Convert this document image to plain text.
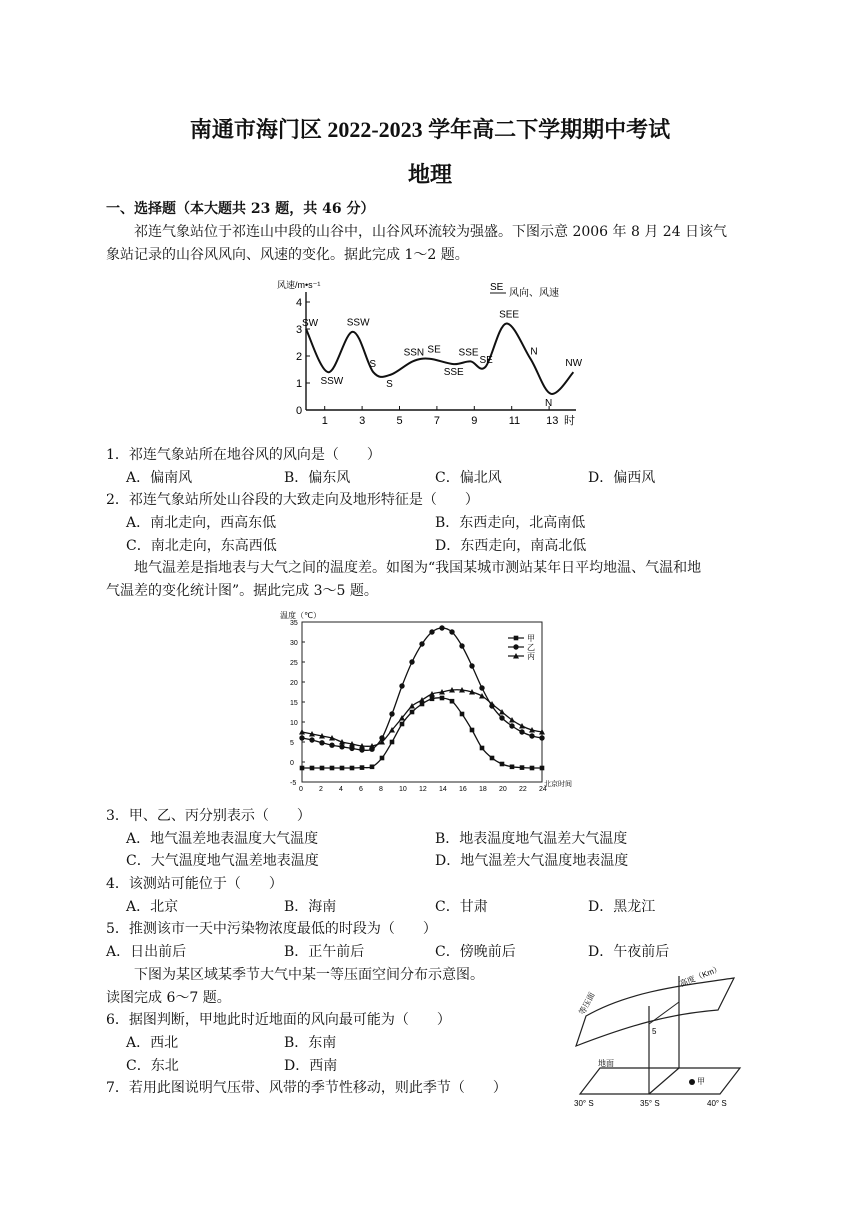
南通市海门区 2022-2023 学年高二下学期期中考试
地理
一、选择题（本大题共 23 题，共 46 分）
祁连气象站位于祁连山中段的山谷中，山谷风环流较为强盛。下图示意 2006 年 8 月 24 日该气
象站记录的山谷风风向、风速的变化。据此完成 1～2 题。
风速/m•s⁻¹	SE
风向、风速
0
1
2
3
4
1	3	5	7	9	11 13 时
SW
SSW
SSW
S
S
SSN SE
SSE
SSE
SE
SEE
N
N
NW
1．祁连气象站所在地谷风的风向是（　　）
A．偏南风	B．偏东风	C．偏北风	D．偏西风
2．祁连气象站所处山谷段的大致走向及地形特征是（　　）
A．南北走向，西高东低	B．东西走向，北高南低
C．南北走向，东高西低	D．东西走向，南高北低
地气温差是指地表与大气之间的温度差。如图为“我国某城市测站某年日平均地温、气温和地
气温差的变化统计图”。据此完成 3～5 题。
温度（℃）
北京时间
-5
0
5
10
15
20
25
30
35
0 2 4 6 8 10 12 14 16 18 20 22 24
甲
乙
丙
3．甲、乙、丙分别表示（　　）
A．地气温差地表温度大气温度	B．地表温度地气温差大气温度
C．大气温度地气温差地表温度	D．地气温差大气温度地表温度
4．该测站可能位于（　　）
A．北京	B．海南	C．甘肃	D．黑龙江
5．推测该市一天中污染物浓度最低的时段为（　　）
A．日出前后	B．正午前后	C．傍晚前后	D．午夜前后
下图为某区域某季节大气中某一等压面空间分布示意图。
读图完成 6～7 题。
6．据图判断，甲地此时近地面的风向最可能为（　　）
A．西北	B．东南
C．东北	D．西南
7．若用此图说明气压带、风带的季节性移动，则此季节（　　）	甲
等压面
高度（Km）
5
地面
30° S	35° S	40° S
